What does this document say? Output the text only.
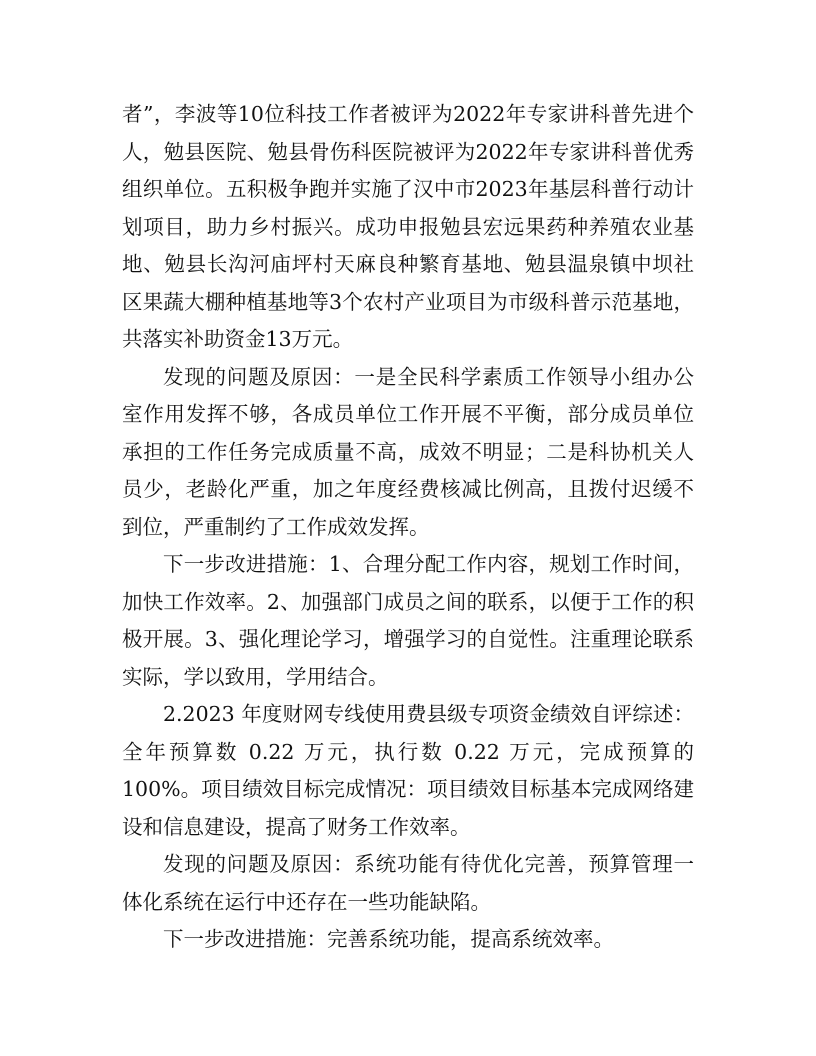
者”，李波等10位科技工作者被评为2022年专家讲科普先进个人，勉县医院、勉县骨伤科医院被评为2022年专家讲科普优秀组织单位。五积极争跑并实施了汉中市2023年基层科普行动计划项目，助力乡村振兴。成功申报勉县宏远果药种养殖农业基地、勉县长沟河庙坪村天麻良种繁育基地、勉县温泉镇中坝社区果蔬大棚种植基地等3个农村产业项目为市级科普示范基地，共落实补助资金13万元。

发现的问题及原因：一是全民科学素质工作领导小组办公室作用发挥不够，各成员单位工作开展不平衡，部分成员单位承担的工作任务完成质量不高，成效不明显；二是科协机关人员少，老龄化严重，加之年度经费核减比例高，且拨付迟缓不到位，严重制约了工作成效发挥。

下一步改进措施：1、合理分配工作内容，规划工作时间，加快工作效率。2、加强部门成员之间的联系，以便于工作的积极开展。3、强化理论学习，增强学习的自觉性。注重理论联系实际，学以致用，学用结合。

2.2023 年度财网专线使用费县级专项资金绩效自评综述：全年预算数 0.22 万元，执行数 0.22 万元，完成预算的100%。项目绩效目标完成情况：项目绩效目标基本完成网络建设和信息建设，提高了财务工作效率。

发现的问题及原因：系统功能有待优化完善，预算管理一体化系统在运行中还存在一些功能缺陷。

下一步改进措施：完善系统功能，提高系统效率。
